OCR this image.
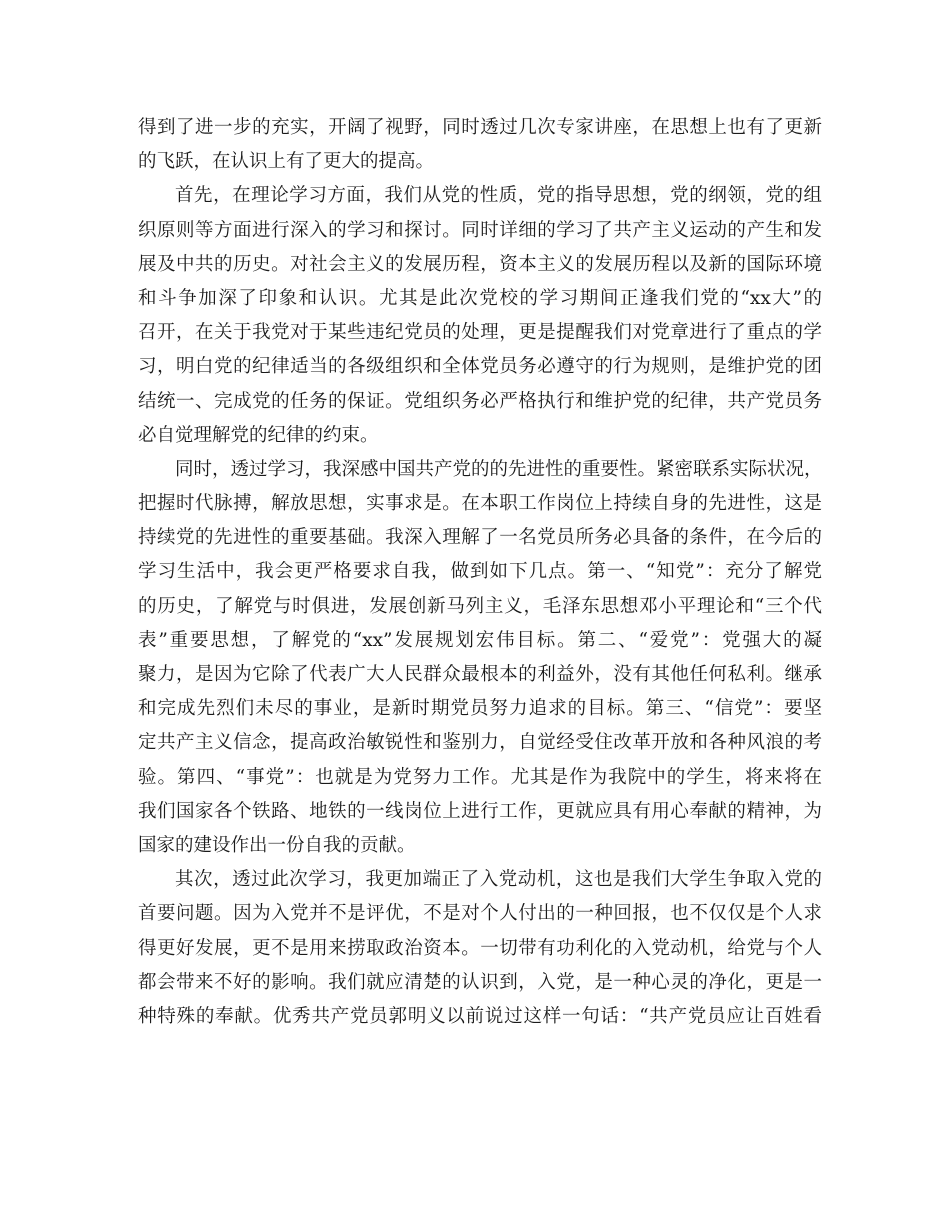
得到了进一步的充实，开阔了视野，同时透过几次专家讲座，在思想上也有了更新
的飞跃，在认识上有了更大的提高。
首先，在理论学习方面，我们从党的性质，党的指导思想，党的纲领，党的组
织原则等方面进行深入的学习和探讨。同时详细的学习了共产主义运动的产生和发
展及中共的历史。对社会主义的发展历程，资本主义的发展历程以及新的国际环境
和斗争加深了印象和认识。尤其是此次党校的学习期间正逢我们党的“xx大”的
召开，在关于我党对于某些违纪党员的处理，更是提醒我们对党章进行了重点的学
习，明白党的纪律适当的各级组织和全体党员务必遵守的行为规则，是维护党的团
结统一、完成党的任务的保证。党组织务必严格执行和维护党的纪律，共产党员务
必自觉理解党的纪律的约束。
同时，透过学习，我深感中国共产党的的先进性的重要性。紧密联系实际状况，
把握时代脉搏，解放思想，实事求是。在本职工作岗位上持续自身的先进性，这是
持续党的先进性的重要基础。我深入理解了一名党员所务必具备的条件，在今后的
学习生活中，我会更严格要求自我，做到如下几点。第一、“知党”：充分了解党
的历史，了解党与时俱进，发展创新马列主义，毛泽东思想邓小平理论和“三个代
表”重要思想，了解党的“xx”发展规划宏伟目标。第二、“爱党”：党强大的凝
聚力，是因为它除了代表广大人民群众最根本的利益外，没有其他任何私利。继承
和完成先烈们未尽的事业，是新时期党员努力追求的目标。第三、“信党”：要坚
定共产主义信念，提高政治敏锐性和鉴别力，自觉经受住改革开放和各种风浪的考
验。第四、“事党”：也就是为党努力工作。尤其是作为我院中的学生，将来将在
我们国家各个铁路、地铁的一线岗位上进行工作，更就应具有用心奉献的精神，为
国家的建设作出一份自我的贡献。
其次，透过此次学习，我更加端正了入党动机，这也是我们大学生争取入党的
首要问题。因为入党并不是评优，不是对个人付出的一种回报，也不仅仅是个人求
得更好发展，更不是用来捞取政治资本。一切带有功利化的入党动机，给党与个人
都会带来不好的影响。我们就应清楚的认识到，入党，是一种心灵的净化，更是一
种特殊的奉献。优秀共产党员郭明义以前说过这样一句话：“共产党员应让百姓看
